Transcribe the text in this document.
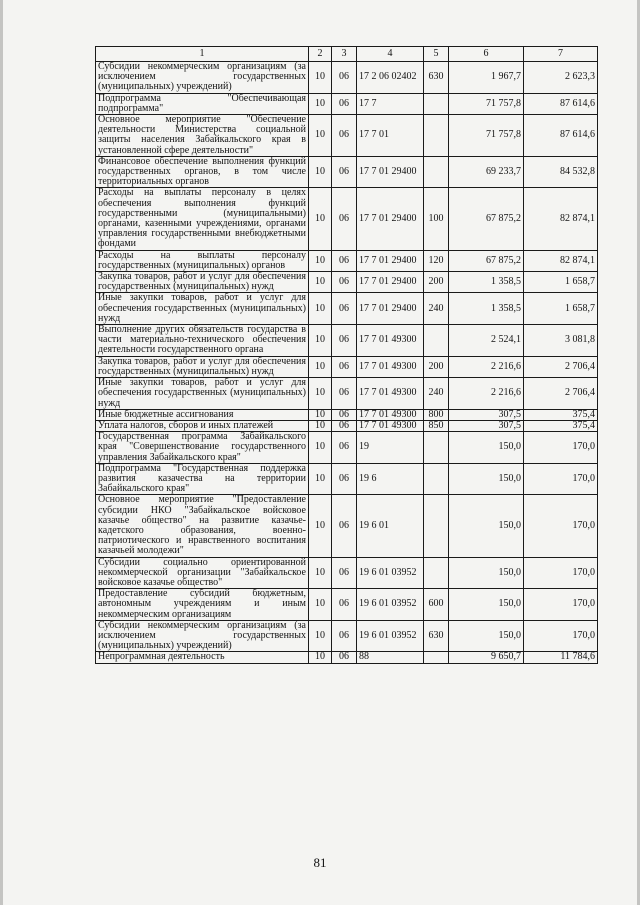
1	2	3	4	5	6	7
Субсидии некоммерческим организациям (за исключением государственных (муниципальных) учреждений)	10	06	17 2 06 02402	630	1 967,7	2 623,3
Подпрограмма "Обеспечивающая подпрограмма"	10	06	17 7		71 757,8	87 614,6
Основное мероприятие "Обеспечение деятельности Министерства социальной защиты населения Забайкальского края в установленной сфере деятельности"	10	06	17 7 01		71 757,8	87 614,6
Финансовое обеспечение выполнения функций государственных органов, в том числе территориальных органов	10	06	17 7 01 29400		69 233,7	84 532,8
Расходы на выплаты персоналу в целях обеспечения выполнения функций государственными (муниципальными) органами, казенными учреждениями, органами управления государственными внебюджетными фондами	10	06	17 7 01 29400	100	67 875,2	82 874,1
Расходы на выплаты персоналу государственных (муниципальных) органов	10	06	17 7 01 29400	120	67 875,2	82 874,1
Закупка товаров, работ и услуг для обеспечения государственных (муниципальных) нужд	10	06	17 7 01 29400	200	1 358,5	1 658,7
Иные закупки товаров, работ и услуг для обеспечения государственных (муниципальных) нужд	10	06	17 7 01 29400	240	1 358,5	1 658,7
Выполнение других обязательств государства в части материально-технического обеспечения деятельности государственного органа	10	06	17 7 01 49300		2 524,1	3 081,8
Закупка товаров, работ и услуг для обеспечения государственных (муниципальных) нужд	10	06	17 7 01 49300	200	2 216,6	2 706,4
Иные закупки товаров, работ и услуг для обеспечения государственных (муниципальных) нужд	10	06	17 7 01 49300	240	2 216,6	2 706,4
Иные бюджетные ассигнования	10	06	17 7 01 49300	800	307,5	375,4
Уплата налогов, сборов и иных платежей	10	06	17 7 01 49300	850	307,5	375,4
Государственная программа Забайкальского края "Совершенствование государственного управления Забайкальского края"	10	06	19		150,0	170,0
Подпрограмма "Государственная поддержка развития казачества на территории Забайкальского края"	10	06	19 6		150,0	170,0
Основное мероприятие "Предоставление субсидии НКО "Забайкальское войсковое казачье общество" на развитие казачье-кадетского образования, военно-патриотического и нравственного воспитания казачьей молодежи"	10	06	19 6 01		150,0	170,0
Субсидии социально ориентированной некоммерческой организации "Забайкальское войсковое казачье общество"	10	06	19 6 01 03952		150,0	170,0
Предоставление субсидий бюджетным, автономным учреждениям и иным некоммерческим организациям	10	06	19 6 01 03952	600	150,0	170,0
Субсидии некоммерческим организациям (за исключением государственных (муниципальных) учреждений)	10	06	19 6 01 03952	630	150,0	170,0
Непрограммная деятельность	10	06	88		9 650,7	11 784,6
81
